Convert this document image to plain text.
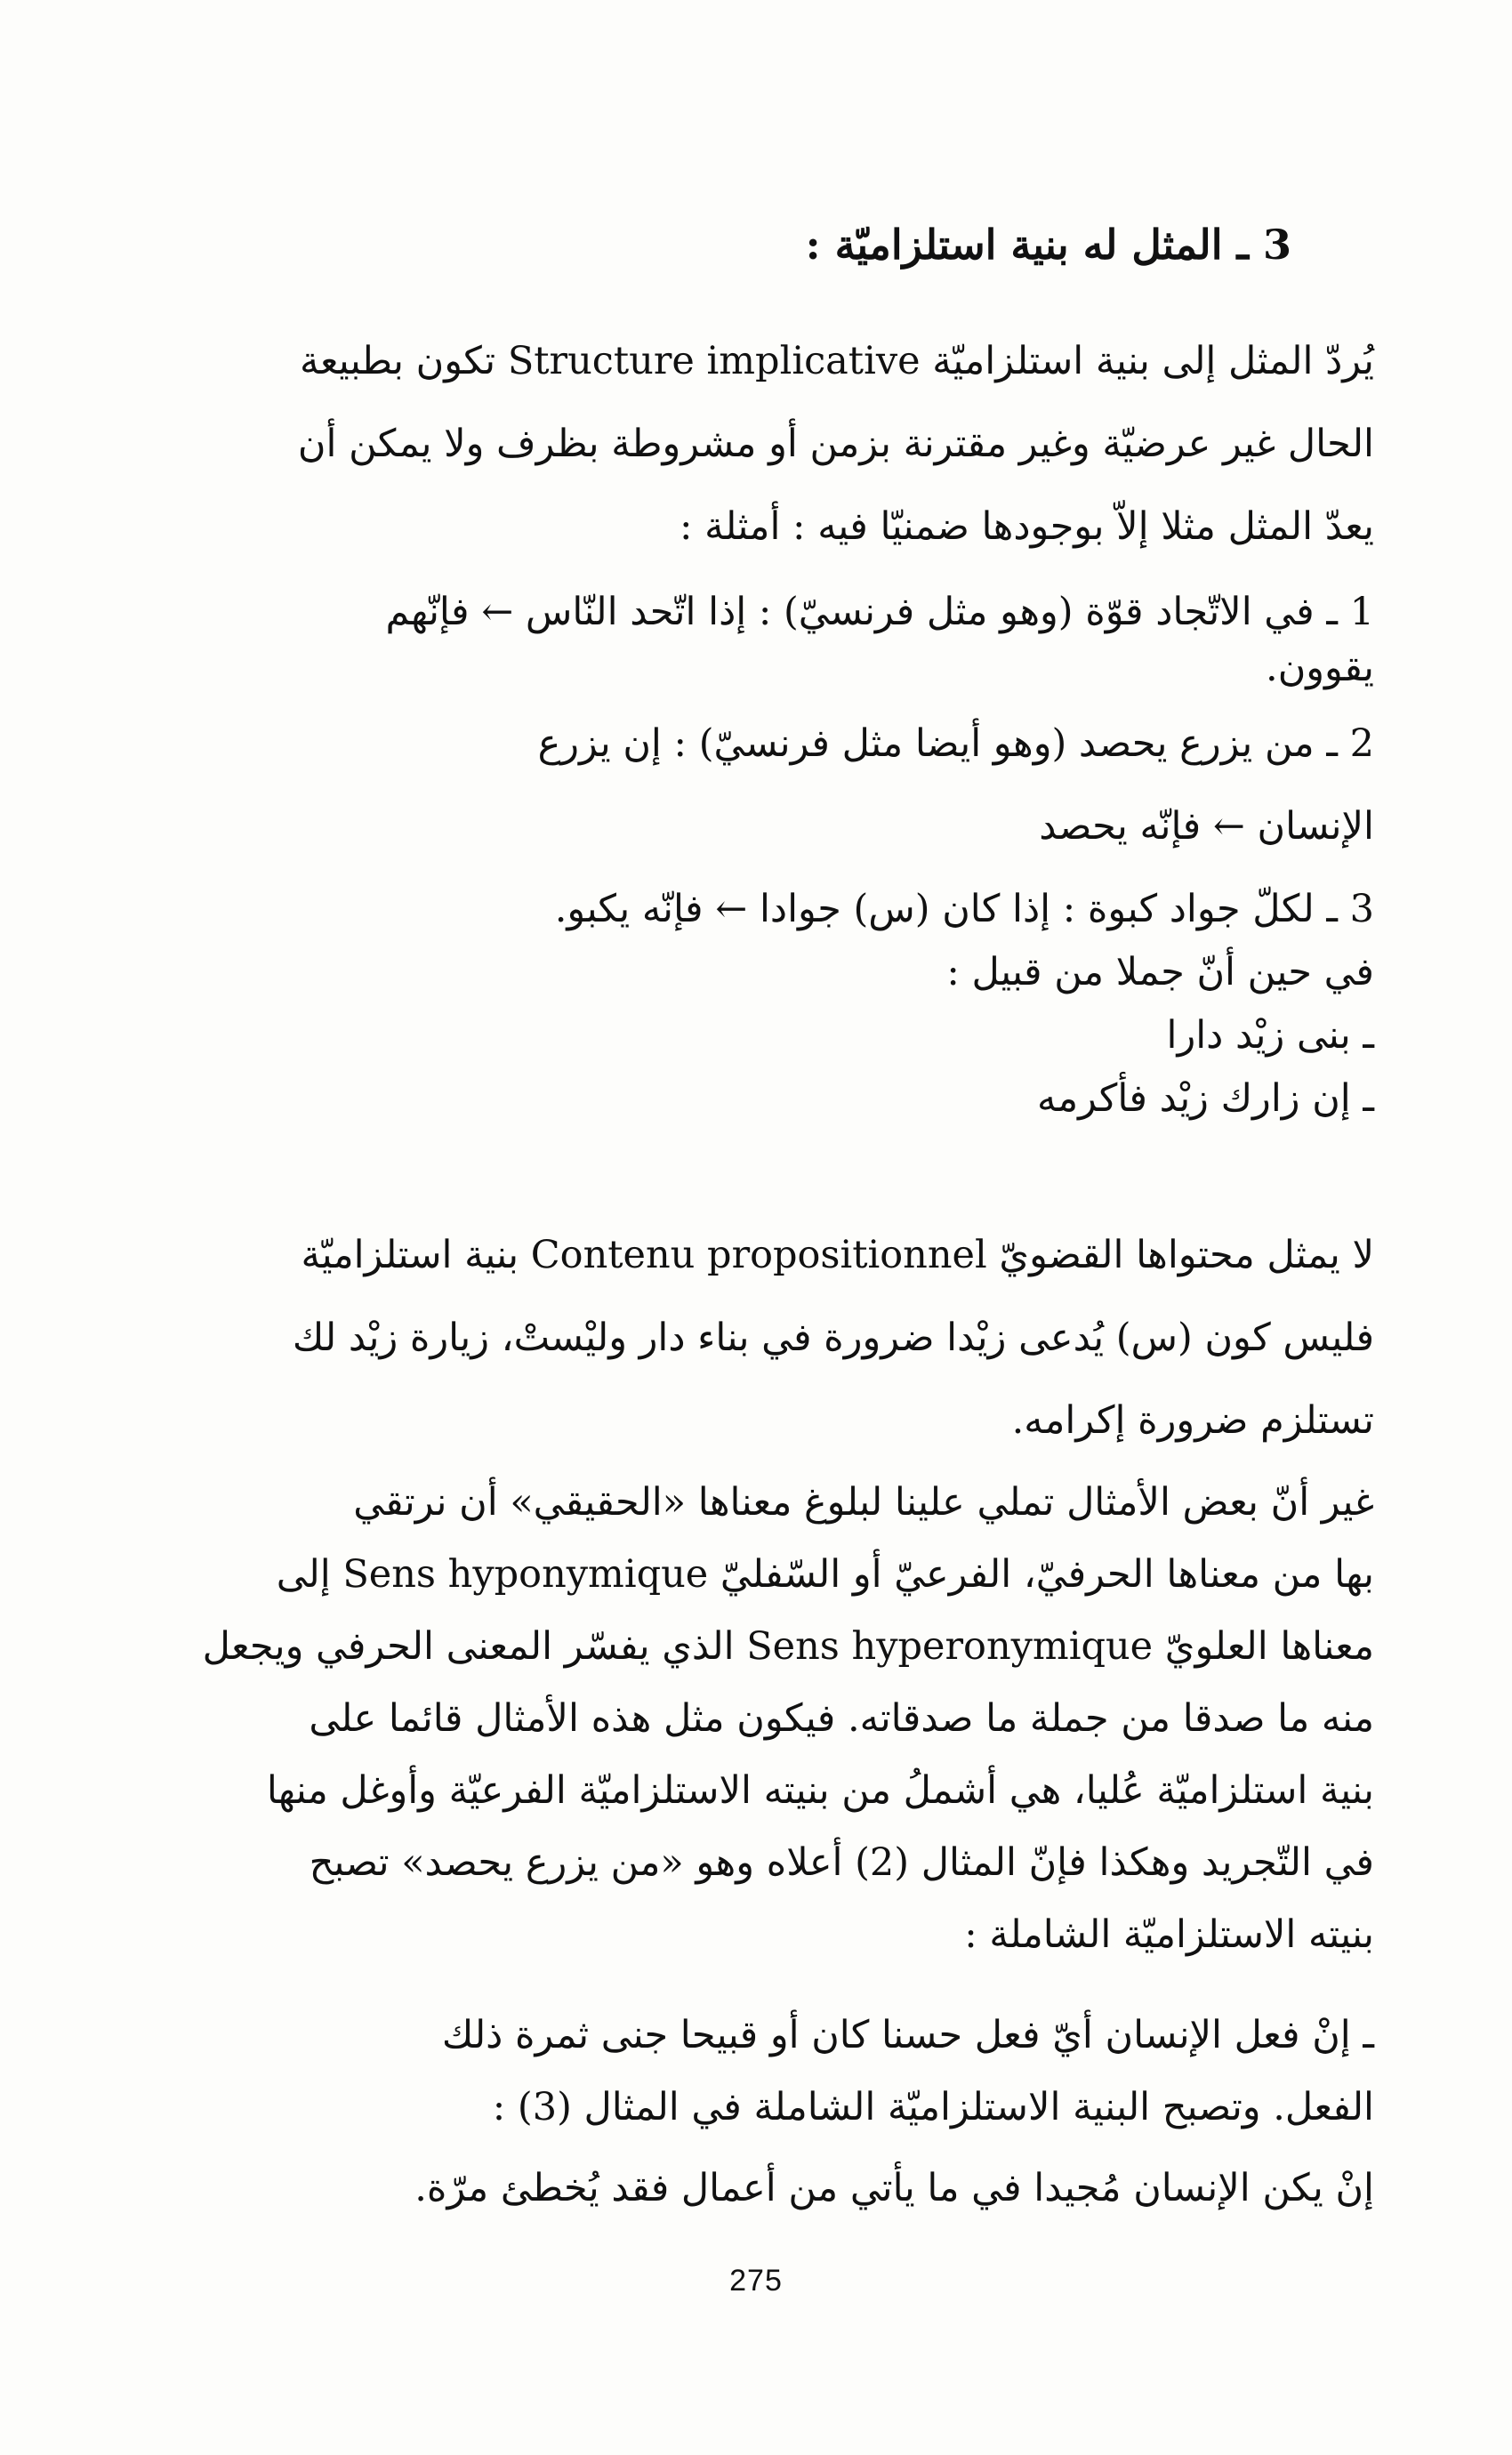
3 ـ المثل له بنية استلزاميّة :
يُردّ المثل إلى بنية استلزاميّة Structure implicative تكون بطبيعة
الحال غير عرضيّة وغير مقترنة بزمن أو مشروطة بظرف ولا يمكن أن
يعدّ المثل مثلا إلاّ بوجودها ضمنيّا فيه : أمثلة :
1 ـ في الاتّجاد قوّة (وهو مثل فرنسيّ) : إذا اتّحد النّاس ← فإنّهم
يقوون.
2 ـ من يزرع يحصد (وهو أيضا مثل فرنسيّ) : إن يزرع
الإنسان ← فإنّه يحصد
3 ـ لكلّ جواد كبوة : إذا كان (س) جوادا ← فإنّه يكبو.
في حين أنّ جملا من قبيل :
ـ بنى زيْد دارا
ـ إن زارك زيْد فأكرمه
لا يمثل محتواها القضويّ Contenu propositionnel بنية استلزاميّة
فليس كون (س) يُدعى زيْدا ضرورة في بناء دار وليْستْ، زيارة زيْد لك
تستلزم ضرورة إكرامه.
غير أنّ بعض الأمثال تملي علينا لبلوغ معناها «الحقيقي» أن نرتقي
بها من معناها الحرفيّ، الفرعيّ أو السّفليّ Sens hyponymique إلى
معناها العلويّ Sens hyperonymique الذي يفسّر المعنى الحرفي ويجعل
منه ما صدقا من جملة ما صدقاته. فيكون مثل هذه الأمثال قائما على
بنية استلزاميّة عُليا، هي أشملُ من بنيته الاستلزاميّة الفرعيّة وأوغل منها
في التّجريد وهكذا فإنّ المثال (2) أعلاه وهو «من يزرع يحصد» تصبح
بنيته الاستلزاميّة الشاملة :
ـ إنْ فعل الإنسان أيّ فعل حسنا كان أو قبيحا جنى ثمرة ذلك
الفعل. وتصبح البنية الاستلزاميّة الشاملة في المثال (3) :
إنْ يكن الإنسان مُجيدا في ما يأتي من أعمال فقد يُخطئ مرّة.
275
